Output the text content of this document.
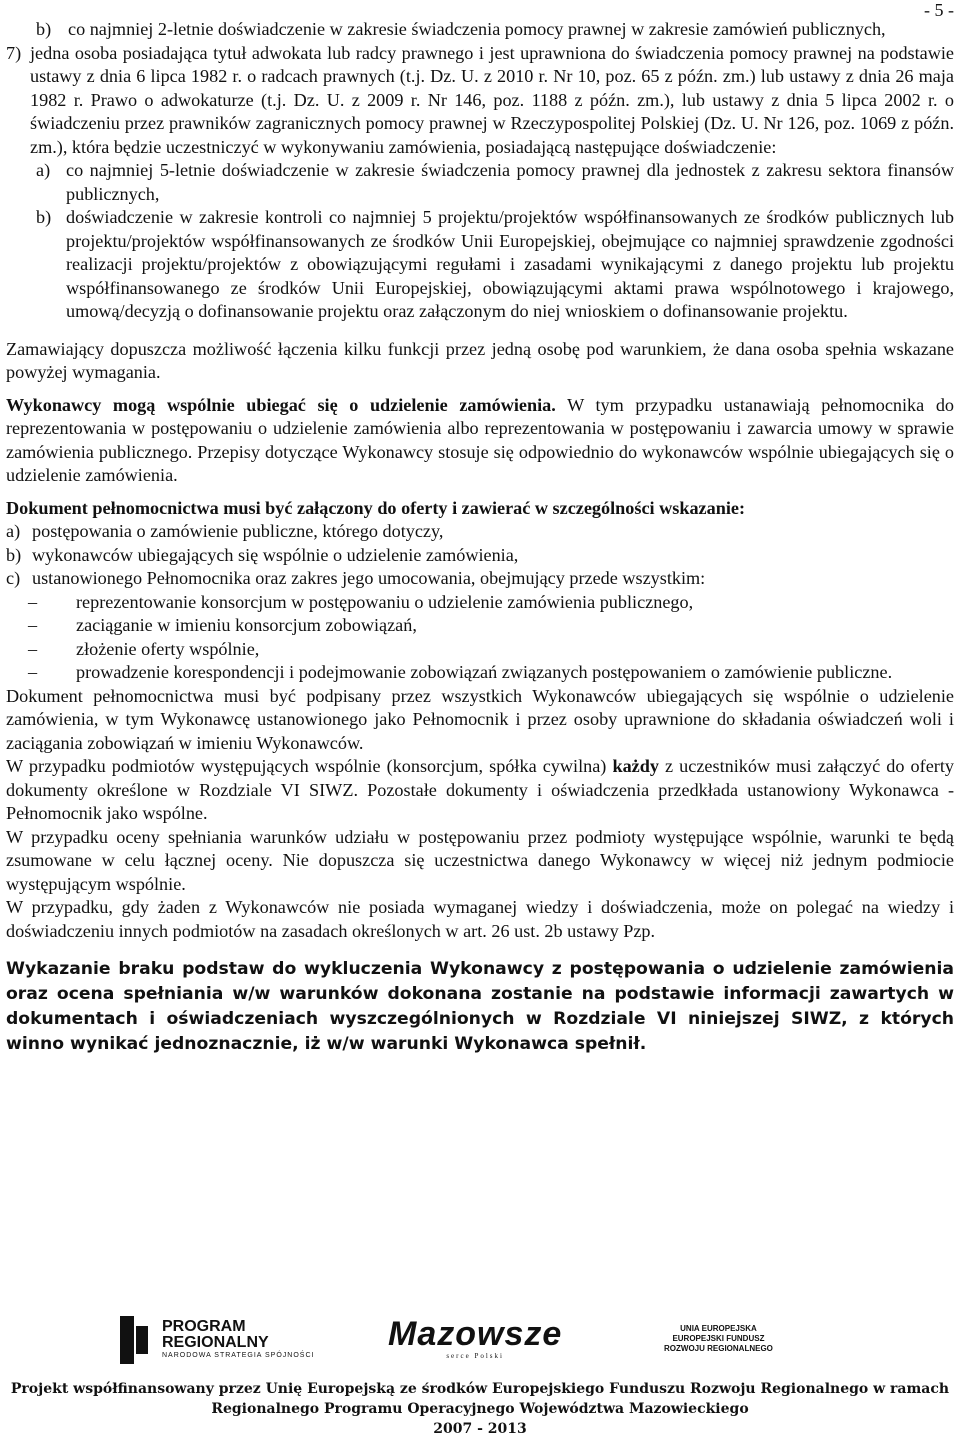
- 5 -
b) co najmniej 2-letnie doświadczenie w zakresie świadczenia pomocy prawnej w zakresie zamówień publicznych,
7) jedna osoba posiadająca tytuł adwokata lub radcy prawnego i jest uprawniona do świadczenia pomocy prawnej na podstawie ustawy z dnia 6 lipca 1982 r. o radcach prawnych (t.j. Dz. U. z 2010 r. Nr 10, poz. 65 z późn. zm.) lub ustawy z dnia 26 maja 1982 r. Prawo o adwokaturze (t.j. Dz. U. z 2009 r. Nr 146, poz. 1188 z późn. zm.), lub ustawy z dnia 5 lipca 2002 r. o świadczeniu przez prawników zagranicznych pomocy prawnej w Rzeczypospolitej Polskiej (Dz. U. Nr 126, poz. 1069 z późn. zm.), która będzie uczestniczyć w wykonywaniu zamówienia, posiadającą następujące doświadczenie:
a) co najmniej 5-letnie doświadczenie w zakresie świadczenia pomocy prawnej dla jednostek z zakresu sektora finansów publicznych,
b) doświadczenie w zakresie kontroli co najmniej 5 projektu/projektów współfinansowanych ze środków publicznych lub projektu/projektów współfinansowanych ze środków Unii Europejskiej, obejmujące co najmniej sprawdzenie zgodności realizacji projektu/projektów z obowiązującymi regułami i zasadami wynikającymi z danego projektu lub projektu współfinansowanego ze środków Unii Europejskiej, obowiązującymi aktami prawa wspólnotowego i krajowego, umową/decyzją o dofinansowanie projektu oraz załączonym do niej wnioskiem o dofinansowanie projektu.

Zamawiający dopuszcza możliwość łączenia kilku funkcji przez jedną osobę pod warunkiem, że dana osoba spełnia wskazane powyżej wymagania.

Wykonawcy mogą wspólnie ubiegać się o udzielenie zamówienia. W tym przypadku ustanawiają pełnomocnika do reprezentowania w postępowaniu o udzielenie zamówienia albo reprezentowania w postępowaniu i zawarcia umowy w sprawie zamówienia publicznego. Przepisy dotyczące Wykonawcy stosuje się odpowiednio do wykonawców wspólnie ubiegających się o udzielenie zamówienia.

Dokument pełnomocnictwa musi być załączony do oferty i zawierać w szczególności wskazanie:

a) postępowania o zamówienie publiczne, którego dotyczy,
b) wykonawców ubiegających się wspólnie o udzielenie zamówienia,
c) ustanowionego Pełnomocnika oraz zakres jego umocowania, obejmujący przede wszystkim:
–	reprezentowanie konsorcjum w postępowaniu o udzielenie zamówienia publicznego,
–	zaciąganie w imieniu konsorcjum zobowiązań,
–	złożenie oferty wspólnie,
–	prowadzenie korespondencji i podejmowanie zobowiązań związanych postępowaniem o zamówienie publiczne.

Dokument pełnomocnictwa musi być podpisany przez wszystkich Wykonawców ubiegających się wspólnie o udzielenie zamówienia, w tym Wykonawcę ustanowionego jako Pełnomocnik i przez osoby uprawnione do składania oświadczeń woli i zaciągania zobowiązań w imieniu Wykonawców.

W przypadku podmiotów występujących wspólnie (konsorcjum, spółka cywilna) każdy z uczestników musi załączyć do oferty dokumenty określone w Rozdziale VI SIWZ. Pozostałe dokumenty i oświadczenia przedkłada ustanowiony Wykonawca - Pełnomocnik jako wspólne.

W przypadku oceny spełniania warunków udziału w postępowaniu przez podmioty występujące wspólnie, warunki te będą zsumowane w celu łącznej oceny. Nie dopuszcza się uczestnictwa danego Wykonawcy w więcej niż jednym podmiocie występującym wspólnie.

W przypadku, gdy żaden z Wykonawców nie posiada wymaganej wiedzy i doświadczenia, może on polegać na wiedzy i doświadczeniu innych podmiotów na zasadach określonych w art. 26 ust. 2b ustawy Pzp.

Wykazanie braku podstaw do wykluczenia Wykonawcy z postępowania o udzielenie zamówienia oraz ocena spełniania w/w warunków dokonana zostanie na podstawie informacji zawartych w dokumentach i oświadczeniach wyszczególnionych w Rozdziale VI niniejszej SIWZ, z których winno wynikać jednoznacznie, iż w/w warunki Wykonawca spełnił.

PROGRAM
REGIONALNY
NARODOWA STRATEGIA SPÓJNOŚCI
Mazowsze
serce Polski
UNIA EUROPEJSKA
EUROPEJSKI FUNDUSZ
ROZWOJU REGIONALNEGO
Projekt współfinansowany przez Unię Europejską ze środków Europejskiego Funduszu Rozwoju Regionalnego w ramach
Regionalnego Programu Operacyjnego Województwa Mazowieckiego
2007 - 2013
